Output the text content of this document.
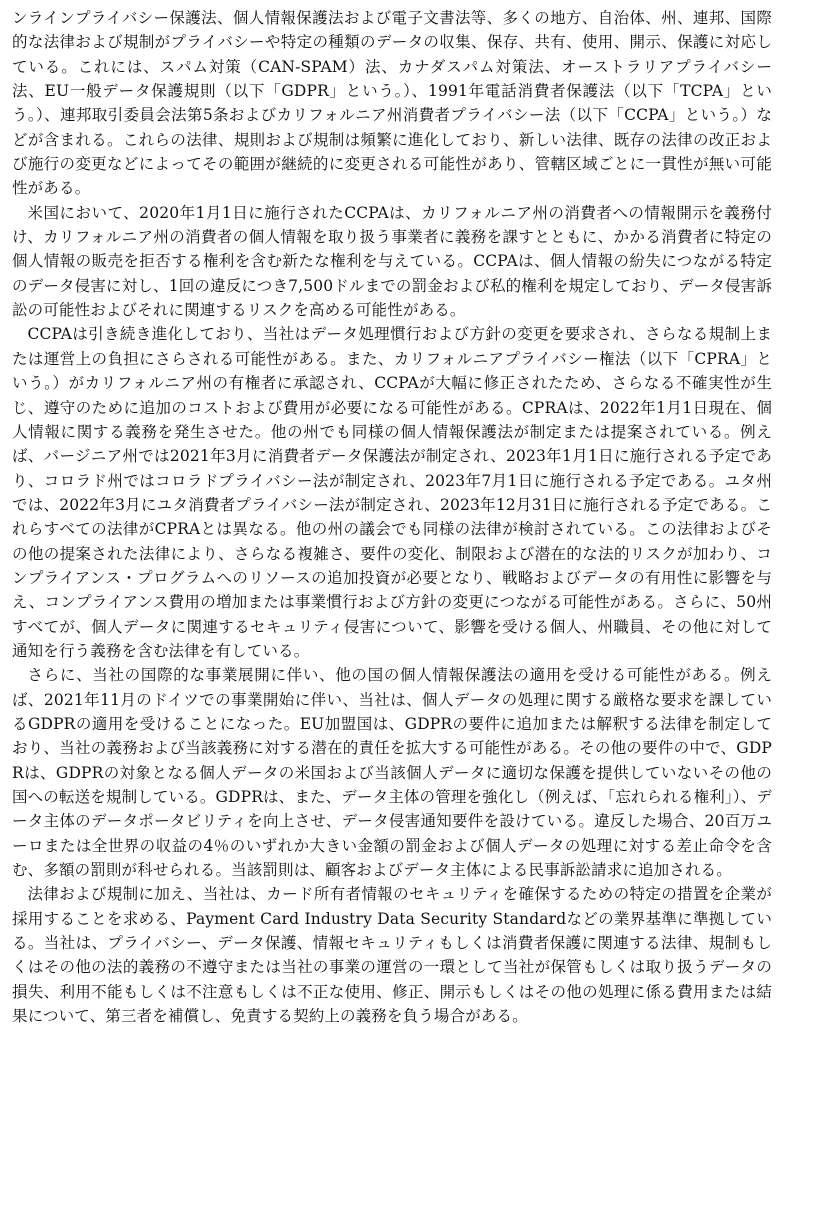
ンラインプライバシー保護法、個人情報保護法および電子文書法等、多くの地方、自治体、州、連邦、国際的な法律および規制がプライバシーや特定の種類のデータの収集、保存、共有、使用、開示、保護に対応している。これには、スパム対策（CAN-SPAM）法、カナダスパム対策法、オーストラリアプライバシー法、EU一般データ保護規則（以下「GDPR」という。）、1991年電話消費者保護法（以下「TCPA」という。）、連邦取引委員会法第5条およびカリフォルニア州消費者プライバシー法（以下「CCPA」という。）などが含まれる。これらの法律、規則および規制は頻繁に進化しており、新しい法律、既存の法律の改正および施行の変更などによってその範囲が継続的に変更される可能性があり、管轄区域ごとに一貫性が無い可能性がある。

米国において、2020年1月1日に施行されたCCPAは、カリフォルニア州の消費者への情報開示を義務付け、カリフォルニア州の消費者の個人情報を取り扱う事業者に義務を課すとともに、かかる消費者に特定の個人情報の販売を拒否する権利を含む新たな権利を与えている。CCPAは、個人情報の紛失につながる特定のデータ侵害に対し、1回の違反につき7,500ドルまでの罰金および私的権利を規定しており、データ侵害訴訟の可能性およびそれに関連するリスクを高める可能性がある。

CCPAは引き続き進化しており、当社はデータ処理慣行および方針の変更を要求され、さらなる規制上または運営上の負担にさらされる可能性がある。また、カリフォルニアプライバシー権法（以下「CPRA」という。）がカリフォルニア州の有権者に承認され、CCPAが大幅に修正されたため、さらなる不確実性が生じ、遵守のために追加のコストおよび費用が必要になる可能性がある。CPRAは、2022年1月1日現在、個人情報に関する義務を発生させた。他の州でも同様の個人情報保護法が制定または提案されている。例えば、バージニア州では2021年3月に消費者データ保護法が制定され、2023年1月1日に施行される予定であり、コロラド州ではコロラドプライバシー法が制定され、2023年7月1日に施行される予定である。ユタ州では、2022年3月にユタ消費者プライバシー法が制定され、2023年12月31日に施行される予定である。これらすべての法律がCPRAとは異なる。他の州の議会でも同様の法律が検討されている。この法律およびその他の提案された法律により、さらなる複雑さ、要件の変化、制限および潜在的な法的リスクが加わり、コンプライアンス・プログラムへのリソースの追加投資が必要となり、戦略およびデータの有用性に影響を与え、コンプライアンス費用の増加または事業慣行および方針の変更につながる可能性がある。さらに、50州すべてが、個人データに関連するセキュリティ侵害について、影響を受ける個人、州職員、その他に対して通知を行う義務を含む法律を有している。

さらに、当社の国際的な事業展開に伴い、他の国の個人情報保護法の適用を受ける可能性がある。例えば、2021年11月のドイツでの事業開始に伴い、当社は、個人データの処理に関する厳格な要求を課しているGDPRの適用を受けることになった。EU加盟国は、GDPRの要件に追加または解釈する法律を制定しており、当社の義務および当該義務に対する潜在的責任を拡大する可能性がある。その他の要件の中で、GDPRは、GDPRの対象となる個人データの米国および当該個人データに適切な保護を提供していないその他の国への転送を規制している。GDPRは、また、データ主体の管理を強化し（例えば、「忘れられる権利」）、データ主体のデータポータビリティを向上させ、データ侵害通知要件を設けている。違反した場合、20百万ユーロまたは全世界の収益の4％のいずれか大きい金額の罰金および個人データの処理に対する差止命令を含む、多額の罰則が科せられる。当該罰則は、顧客およびデータ主体による民事訴訟請求に追加される。

法律および規制に加え、当社は、カード所有者情報のセキュリティを確保するための特定の措置を企業が採用することを求める、Payment Card Industry Data Security Standardなどの業界基準に準拠している。当社は、プライバシー、データ保護、情報セキュリティもしくは消費者保護に関連する法律、規制もしくはその他の法的義務の不遵守または当社の事業の運営の一環として当社が保管もしくは取り扱うデータの損失、利用不能もしくは不注意もしくは不正な使用、修正、開示もしくはその他の処理に係る費用または結果について、第三者を補償し、免責する契約上の義務を負う場合がある。
